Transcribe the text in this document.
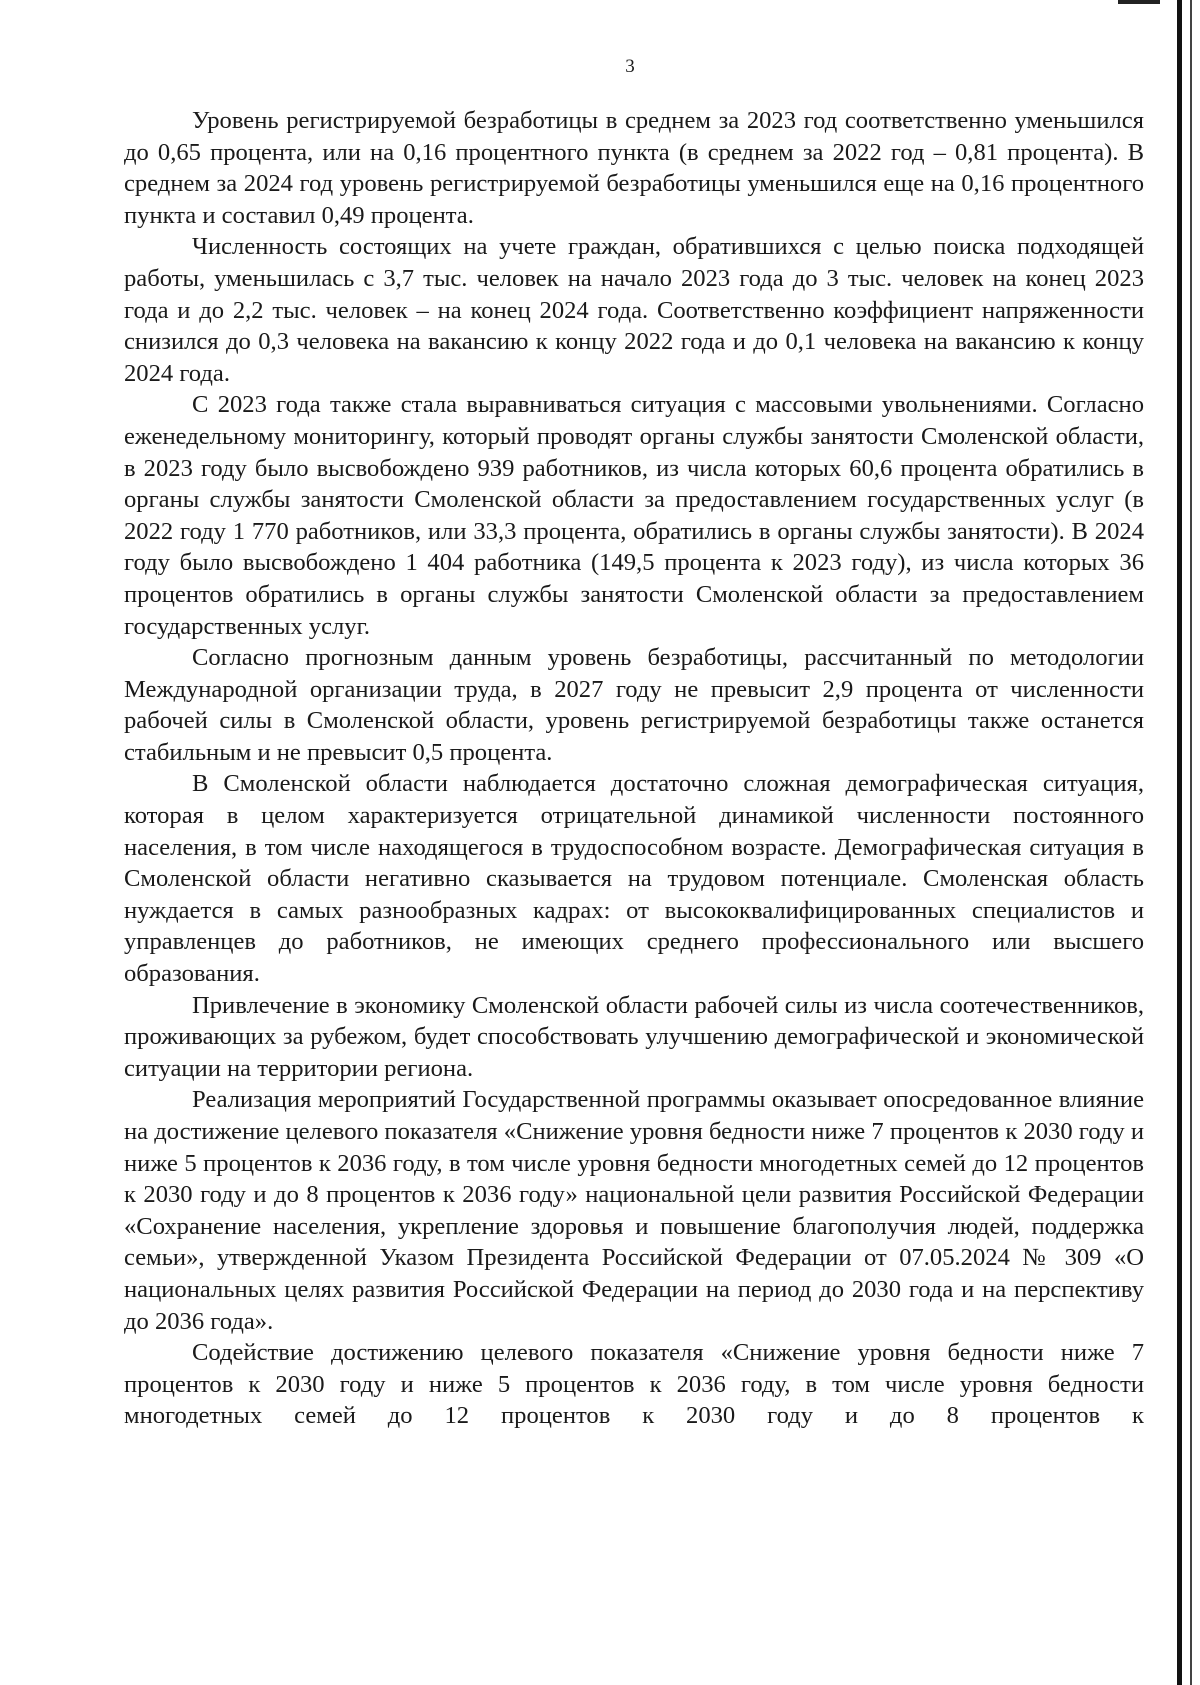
3

Уровень регистрируемой безработицы в среднем за 2023 год соответственно уменьшился до 0,65 процента, или на 0,16 процентного пункта (в среднем за 2022 год – 0,81 процента). В среднем за 2024 год уровень регистрируемой безработицы уменьшился еще на 0,16 процентного пункта и составил 0,49 процента.

Численность состоящих на учете граждан, обратившихся с целью поиска подходящей работы, уменьшилась с 3,7 тыс. человек на начало 2023 года до 3 тыс. человек на конец 2023 года и до 2,2 тыс. человек – на конец 2024 года. Соответственно коэффициент напряженности снизился до 0,3 человека на вакансию к концу 2022 года и до 0,1 человека на вакансию к концу 2024 года.

С 2023 года также стала выравниваться ситуация с массовыми увольнениями. Согласно еженедельному мониторингу, который проводят органы службы занятости Смоленской области, в 2023 году было высвобождено 939 работников, из числа которых 60,6 процента обратились в органы службы занятости Смоленской области за предоставлением государственных услуг (в 2022 году 1 770 работников, или 33,3 процента, обратились в органы службы занятости). В 2024 году было высвобождено 1 404 работника (149,5 процента к 2023 году), из числа которых 36 процентов обратились в органы службы занятости Смоленской области за предоставлением государственных услуг.

Согласно прогнозным данным уровень безработицы, рассчитанный по методологии Международной организации труда, в 2027 году не превысит 2,9 процента от численности рабочей силы в Смоленской области, уровень регистрируемой безработицы также останется стабильным и не превысит 0,5 процента.

В Смоленской области наблюдается достаточно сложная демографическая ситуация, которая в целом характеризуется отрицательной динамикой численности постоянного населения, в том числе находящегося в трудоспособном возрасте. Демографическая ситуация в Смоленской области негативно сказывается на трудовом потенциале. Смоленская область нуждается в самых разнообразных кадрах: от высококвалифицированных специалистов и управленцев до работников, не имеющих среднего профессионального или высшего образования.

Привлечение в экономику Смоленской области рабочей силы из числа соотечественников, проживающих за рубежом, будет способствовать улучшению демографической и экономической ситуации на территории региона.

Реализация мероприятий Государственной программы оказывает опосредованное влияние на достижение целевого показателя «Снижение уровня бедности ниже 7 процентов к 2030 году и ниже 5 процентов к 2036 году, в том числе уровня бедности многодетных семей до 12 процентов к 2030 году и до 8 процентов к 2036 году» национальной цели развития Российской Федерации «Сохранение населения, укрепление здоровья и повышение благополучия людей, поддержка семьи», утвержденной Указом Президента Российской Федерации от 07.05.2024 № 309 «О национальных целях развития Российской Федерации на период до 2030 года и на перспективу до 2036 года».

Содействие достижению целевого показателя «Снижение уровня бедности ниже 7 процентов к 2030 году и ниже 5 процентов к 2036 году, в том числе уровня бедности многодетных семей до 12 процентов к 2030 году и до 8 процентов к
